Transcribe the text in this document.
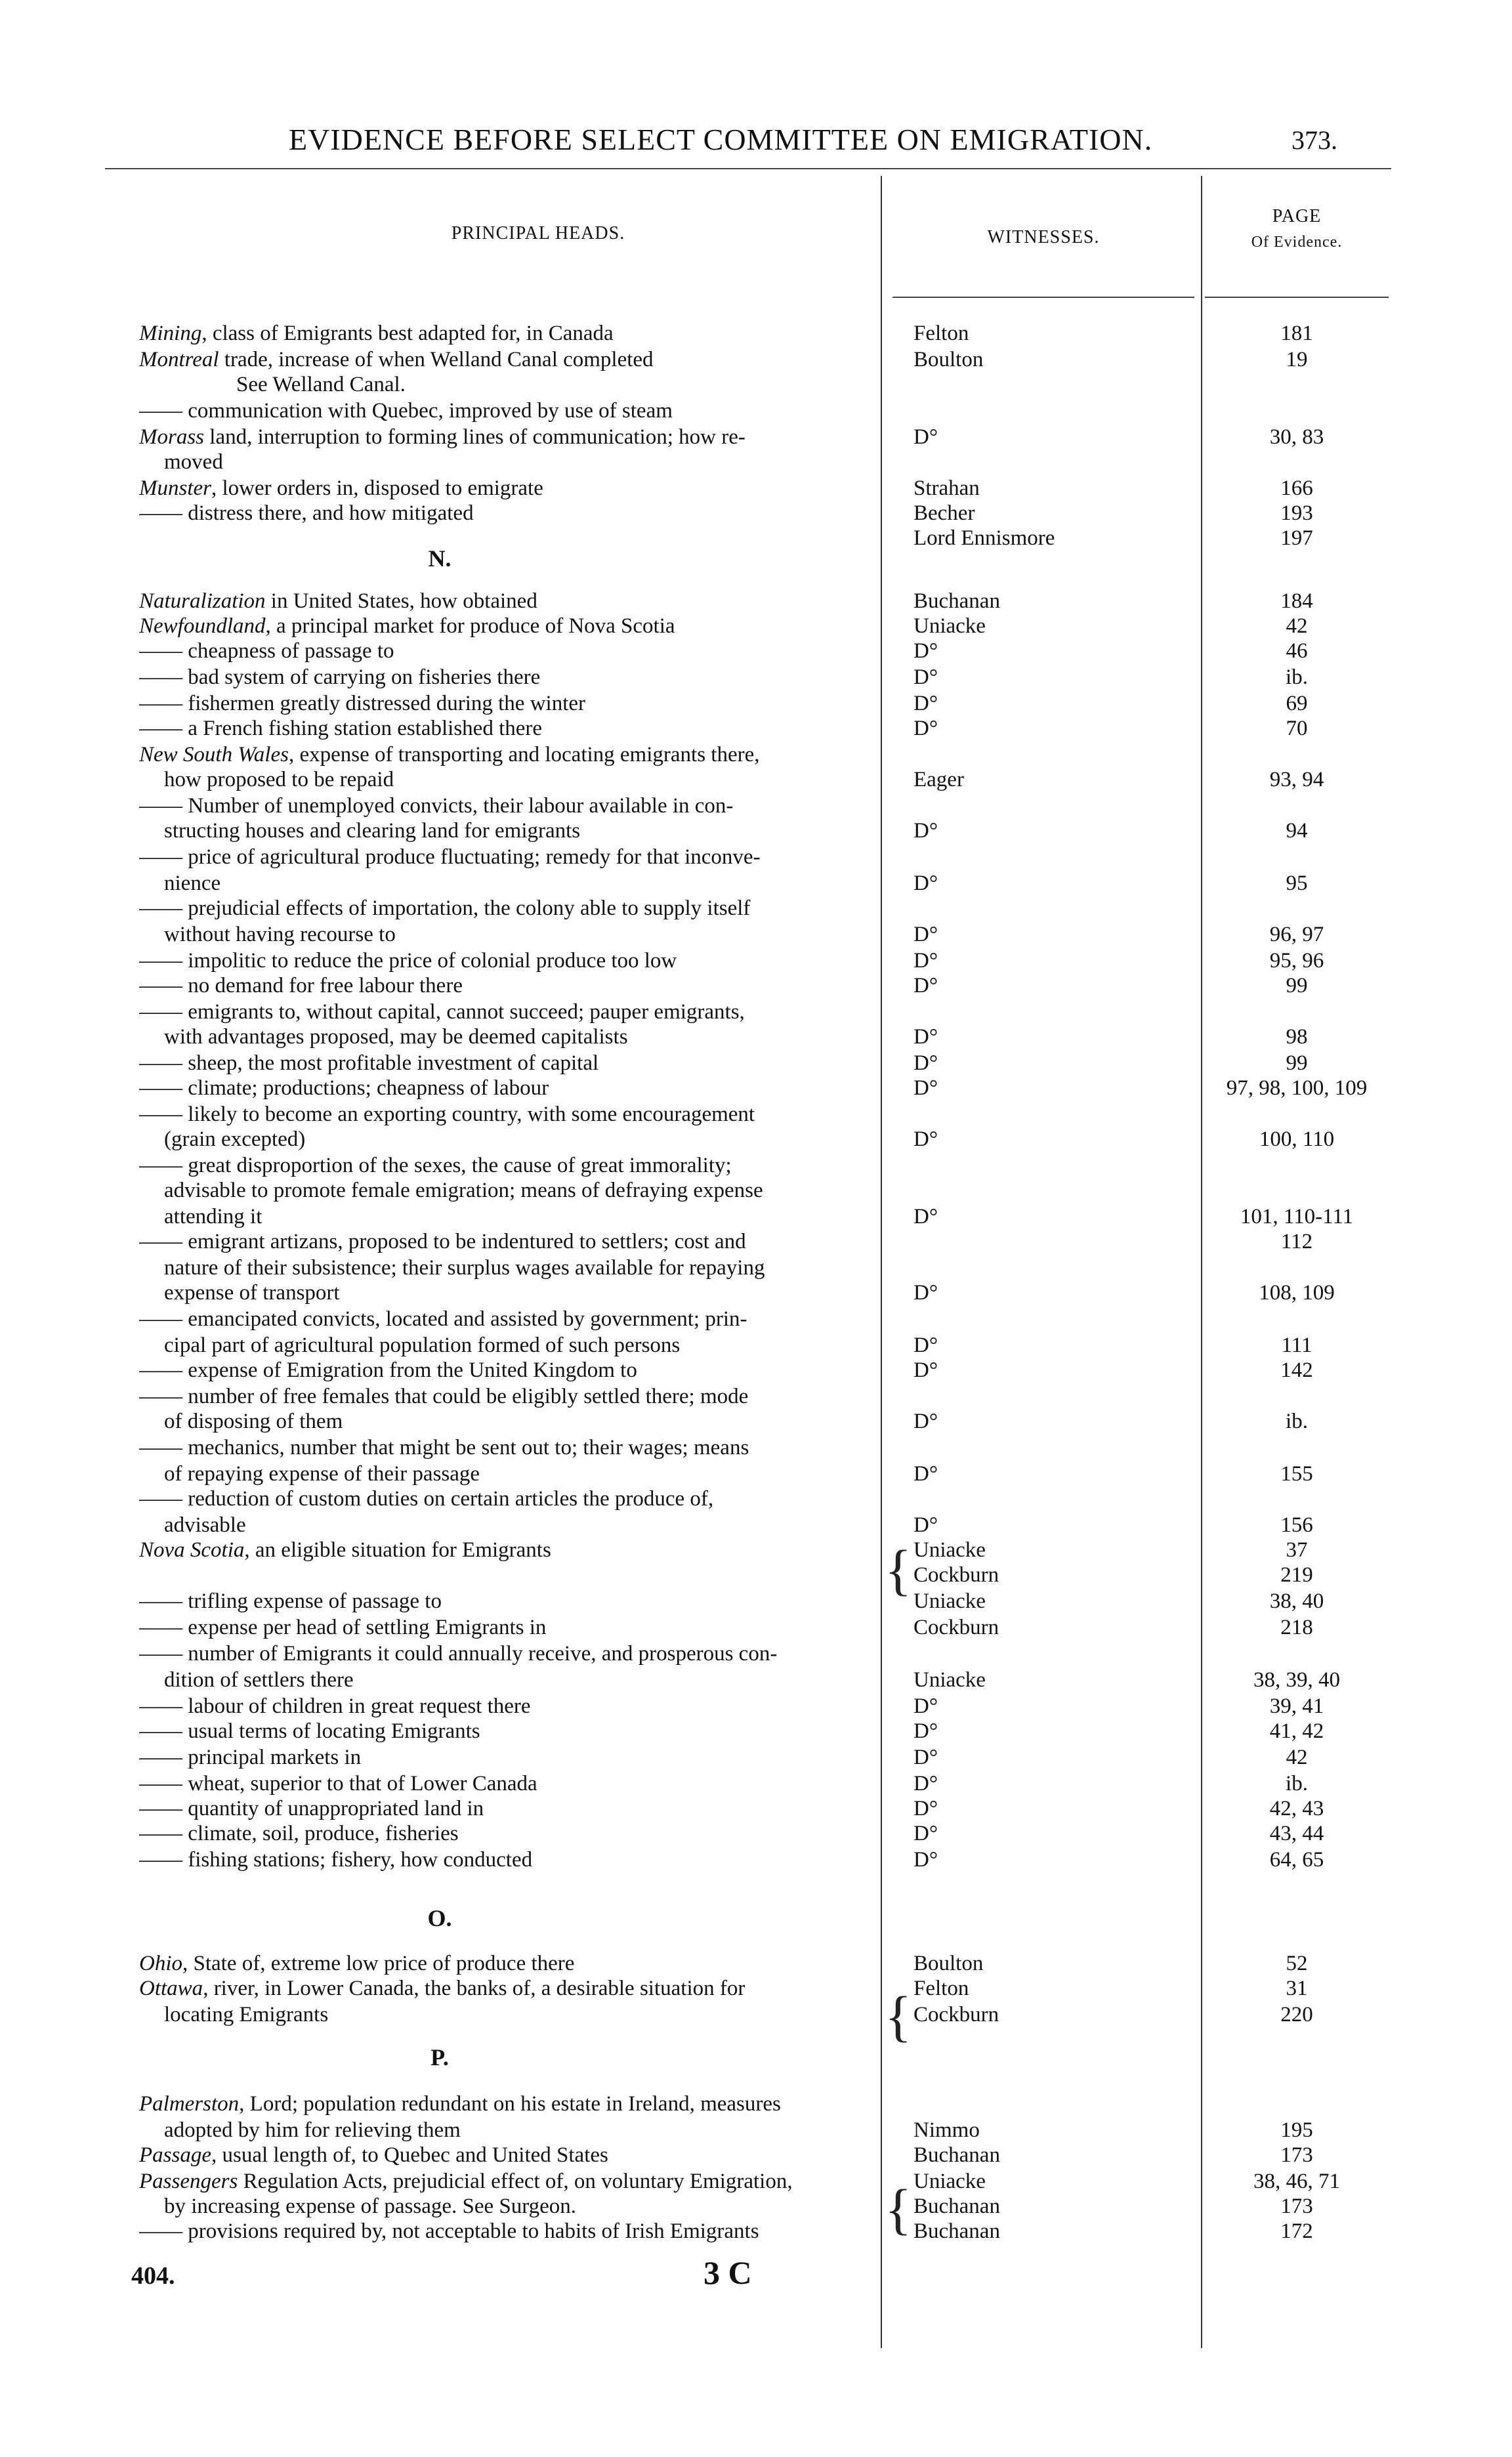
EVIDENCE BEFORE SELECT COMMITTEE ON EMIGRATION.	373.
PRINCIPAL HEADS.	WITNESSES.
PAGE
Of Evidence.
N.
O.
P.
{
{
{
Mining, class of Emigrants best adapted for, in Canada	Felton	181
Montreal trade, increase of when Welland Canal completed	Boulton	19
See Welland Canal.
—— communication with Quebec, improved by use of steam
Morass land, interruption to forming lines of communication; how re-	D°	30, 83
moved
Munster, lower orders in, disposed to emigrate	Strahan	166
—— distress there, and how mitigated	Becher	193
Lord Ennismore	197
Naturalization in United States, how obtained	Buchanan	184
Newfoundland, a principal market for produce of Nova Scotia	Uniacke	42
—— cheapness of passage to	D°	46
—— bad system of carrying on fisheries there	D°	ib.
—— fishermen greatly distressed during the winter	D°	69
—— a French fishing station established there	D°	70
New South Wales, expense of transporting and locating emigrants there,
how proposed to be repaid	Eager	93, 94
—— Number of unemployed convicts, their labour available in con-
structing houses and clearing land for emigrants	D°	94
—— price of agricultural produce fluctuating; remedy for that inconve-
nience	D°	95
—— prejudicial effects of importation, the colony able to supply itself
without having recourse to	D°	96, 97
—— impolitic to reduce the price of colonial produce too low	D°	95, 96
—— no demand for free labour there	D°	99
—— emigrants to, without capital, cannot succeed; pauper emigrants,
with advantages proposed, may be deemed capitalists	D°	98
—— sheep, the most profitable investment of capital	D°	99
—— climate; productions; cheapness of labour	D°	97, 98, 100, 109
—— likely to become an exporting country, with some encouragement
(grain excepted)	D°	100, 110
—— great disproportion of the sexes, the cause of great immorality;
advisable to promote female emigration; means of defraying expense
attending it	D°	101, 110-111
—— emigrant artizans, proposed to be indentured to settlers; cost and	112
nature of their subsistence; their surplus wages available for repaying
expense of transport	D°	108, 109
—— emancipated convicts, located and assisted by government; prin-
cipal part of agricultural population formed of such persons	D°	111
—— expense of Emigration from the United Kingdom to	D°	142
—— number of free females that could be eligibly settled there; mode
of disposing of them	D°	ib.
—— mechanics, number that might be sent out to; their wages; means
of repaying expense of their passage	D°	155
—— reduction of custom duties on certain articles the produce of,
advisable	D°	156
Nova Scotia, an eligible situation for Emigrants	Uniacke	37
Cockburn	219
—— trifling expense of passage to	Uniacke	38, 40
—— expense per head of settling Emigrants in	Cockburn	218
—— number of Emigrants it could annually receive, and prosperous con-
dition of settlers there	Uniacke	38, 39, 40
—— labour of children in great request there	D°	39, 41
—— usual terms of locating Emigrants	D°	41, 42
—— principal markets in	D°	42
—— wheat, superior to that of Lower Canada	D°	ib.
—— quantity of unappropriated land in	D°	42, 43
—— climate, soil, produce, fisheries	D°	43, 44
—— fishing stations; fishery, how conducted	D°	64, 65
Ohio, State of, extreme low price of produce there	Boulton	52
Ottawa, river, in Lower Canada, the banks of, a desirable situation for	Felton	31
locating Emigrants	Cockburn	220
Palmerston, Lord; population redundant on his estate in Ireland, measures
adopted by him for relieving them	Nimmo	195
Passage, usual length of, to Quebec and United States	Buchanan	173
Passengers Regulation Acts, prejudicial effect of, on voluntary Emigration,	Uniacke	38, 46, 71
by increasing expense of passage. See Surgeon.	Buchanan	173
—— provisions required by, not acceptable to habits of Irish Emigrants	Buchanan	172
404.	3 C
